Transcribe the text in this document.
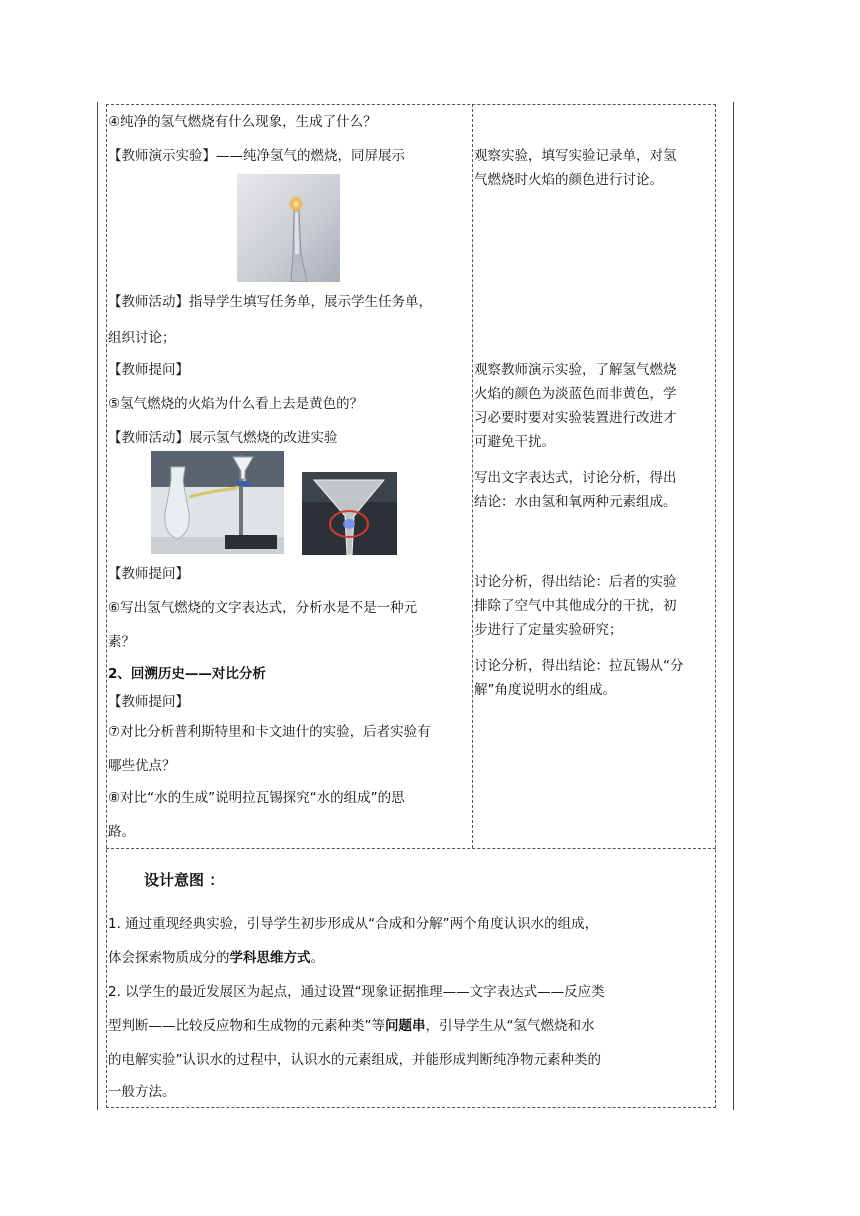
④纯净的氢气燃烧有什么现象，生成了什么？
【教师演示实验】——纯净氢气的燃烧，同屏展示
【教师活动】指导学生填写任务单，展示学生任务单，
组织讨论；
【教师提问】
⑤氢气燃烧的火焰为什么看上去是黄色的？
【教师活动】展示氢气燃烧的改进实验
【教师提问】
⑥写出氢气燃烧的文字表达式，分析水是不是一种元
素？
2、回溯历史——对比分析
【教师提问】
⑦对比分析普利斯特里和卡文迪什的实验，后者实验有
哪些优点？
⑧对比“水的生成”说明拉瓦锡探究“水的组成”的思
路。
观察实验，填写实验记录单，对氢
气燃烧时火焰的颜色进行讨论。
观察教师演示实验，了解氢气燃烧
火焰的颜色为淡蓝色而非黄色，学
习必要时要对实验装置进行改进才
可避免干扰。
写出文字表达式，讨论分析，得出
结论：水由氢和氧两种元素组成。
讨论分析，得出结论：后者的实验
排除了空气中其他成分的干扰，初
步进行了定量实验研究；
讨论分析，得出结论：拉瓦锡从“分
解”角度说明水的组成。
设计意图 ：
1. 通过重现经典实验，引导学生初步形成从“合成和分解”两个角度认识水的组成，
体会探索物质成分的学科思维方式。
2. 以学生的最近发展区为起点，通过设置“现象证据推理——文字表达式——反应类
型判断——比较反应物和生成物的元素种类”等问题串，引导学生从“氢气燃烧和水
的电解实验”认识水的过程中，认识水的元素组成，并能形成判断纯净物元素种类的
一般方法。
